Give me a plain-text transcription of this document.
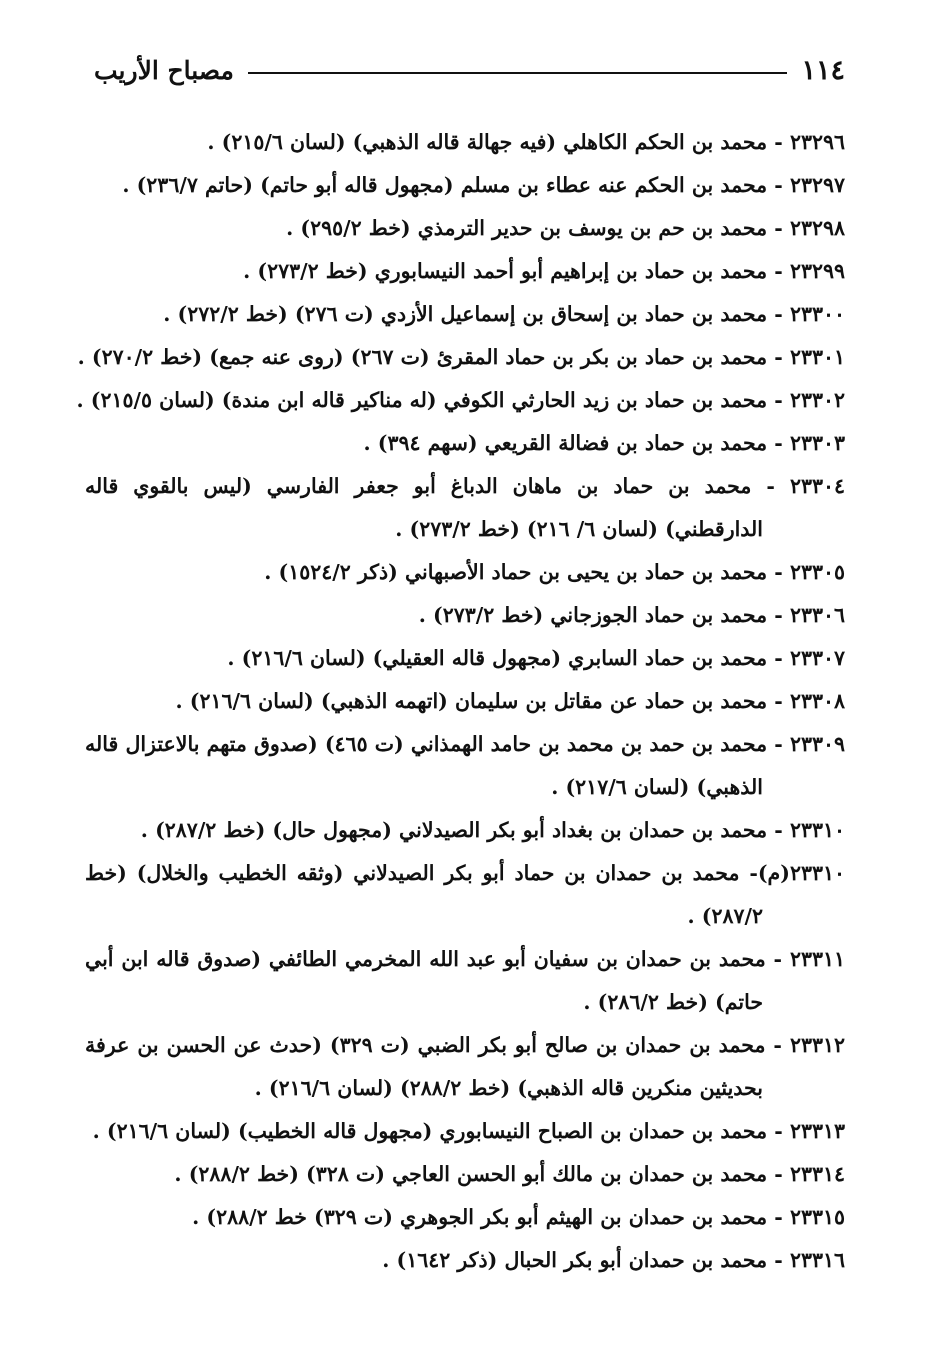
١١٤
مصباح الأريب

٢٣٢٩٦ - محمد بن الحكم الكاهلي (فيه جهالة قاله الذهبي) (لسان ٢١٥/٦) .

٢٣٢٩٧ - محمد بن الحكم عنه عطاء بن مسلم (مجهول قاله أبو حاتم) (حاتم ٢٣٦/٧) .

٢٣٢٩٨ - محمد بن حم بن يوسف بن حدير الترمذي (خط ٢٩٥/٢) .

٢٣٢٩٩ - محمد بن حماد بن إبراهيم أبو أحمد النيسابوري (خط ٢٧٣/٢) .

٢٣٣٠٠ - محمد بن حماد بن إسحاق بن إسماعيل الأزدي (ت ٢٧٦) (خط ٢٧٢/٢) .

٢٣٣٠١ - محمد بن حماد بن بكر بن حماد المقرئ (ت ٢٦٧) (روى عنه جمع) (خط ٢٧٠/٢) .

٢٣٣٠٢ - محمد بن حماد بن زيد الحارثي الكوفي (له مناكير قاله ابن مندة) (لسان ٢١٥/٥) .

٢٣٣٠٣ - محمد بن حماد بن فضالة القريعي (سهم ٣٩٤) .

٢٣٣٠٤ - محمد بن حماد بن ماهان الدباغ أبو جعفر الفارسي (ليس بالقوي قاله الدارقطني) (لسان ٦/ ٢١٦) (خط ٢٧٣/٢) .

٢٣٣٠٥ - محمد بن حماد بن يحيى بن حماد الأصبهاني (ذكر ١٥٢٤/٢) .

٢٣٣٠٦ - محمد بن حماد الجوزجاني (خط ٢٧٣/٢) .

٢٣٣٠٧ - محمد بن حماد السابري (مجهول قاله العقيلي) (لسان ٢١٦/٦) .

٢٣٣٠٨ - محمد بن حماد عن مقاتل بن سليمان (اتهمه الذهبي) (لسان ٢١٦/٦) .

٢٣٣٠٩ - محمد بن حمد بن محمد بن حامد الهمذاني (ت ٤٦٥) (صدوق متهم بالاعتزال قاله الذهبي) (لسان ٢١٧/٦) .

٢٣٣١٠ - محمد بن حمدان بن بغداد أبو بكر الصيدلاني (مجهول حال) (خط ٢٨٧/٢) .

٢٣٣١٠(م)- محمد بن حمدان بن حماد أبو بكر الصيدلاني (وثقه الخطيب والخلال) (خط ٢٨٧/٢) .

٢٣٣١١ - محمد بن حمدان بن سفيان أبو عبد الله المخرمي الطائفي (صدوق قاله ابن أبي حاتم) (خط ٢٨٦/٢) .

٢٣٣١٢ - محمد بن حمدان بن صالح أبو بكر الضبي (ت ٣٢٩) (حدث عن الحسن بن عرفة بحديثين منكرين قاله الذهبي) (خط ٢٨٨/٢) (لسان ٢١٦/٦) .

٢٣٣١٣ - محمد بن حمدان بن الصباح النيسابوري (مجهول قاله الخطيب) (لسان ٢١٦/٦) .

٢٣٣١٤ - محمد بن حمدان بن مالك أبو الحسن العاجي (ت ٣٢٨) (خط ٢٨٨/٢) .

٢٣٣١٥ - محمد بن حمدان بن الهيثم أبو بكر الجوهري (ت ٣٢٩) خط ٢٨٨/٢) .

٢٣٣١٦ - محمد بن حمدان أبو بكر الحبال (ذكر ١٦٤٢) .
